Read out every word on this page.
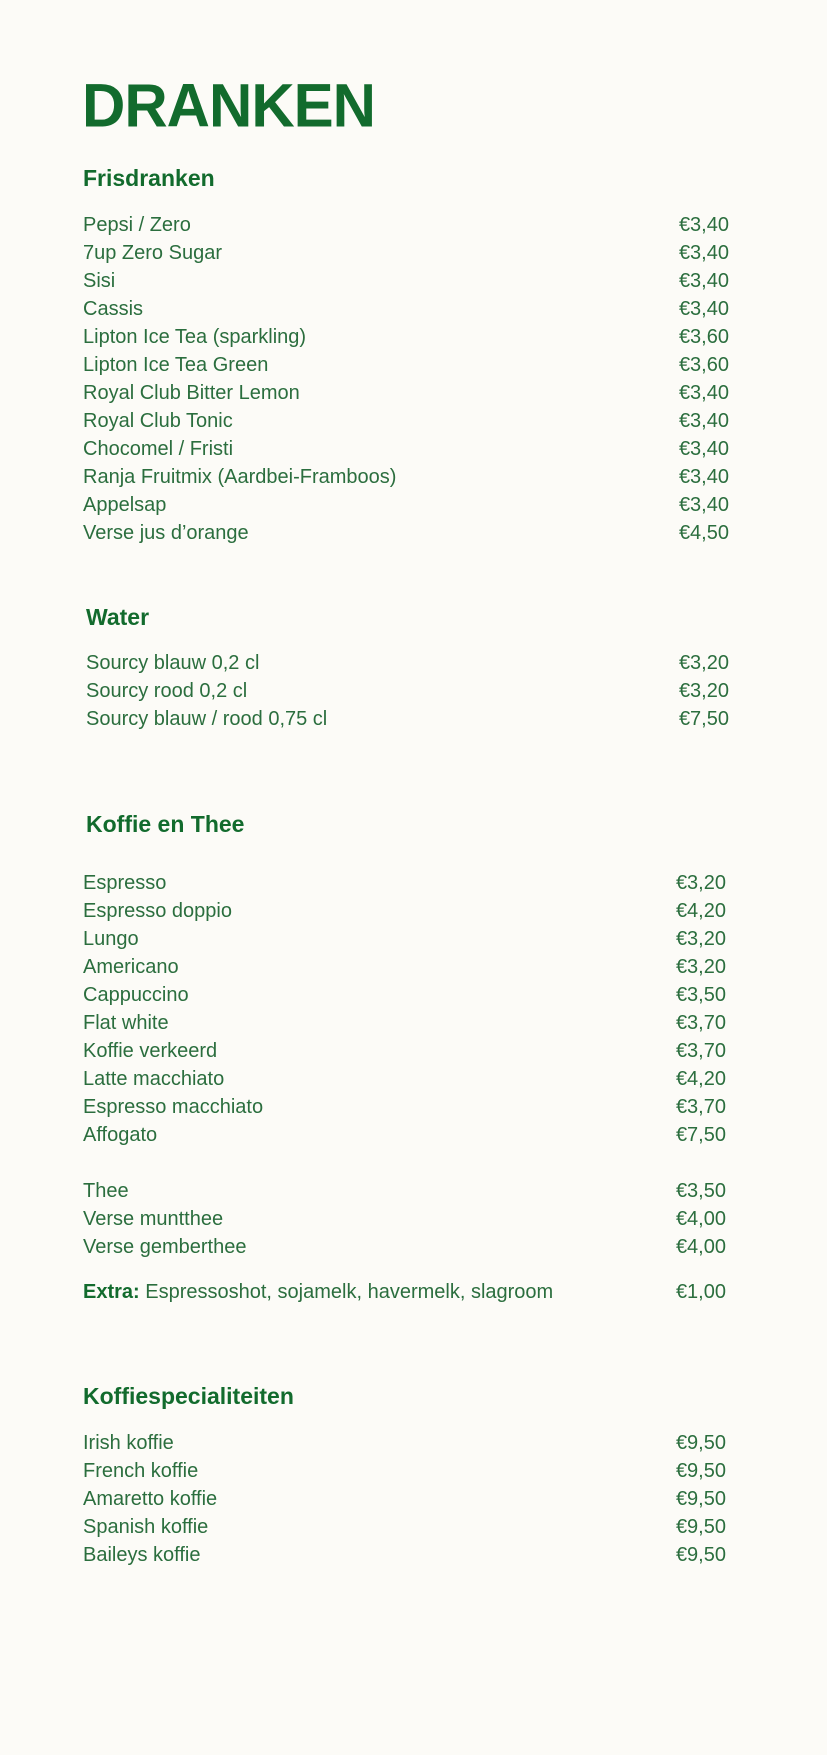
DRANKEN
Frisdranken
Pepsi / Zero	€3,40
7up Zero Sugar	€3,40
Sisi	€3,40
Cassis	€3,40
Lipton Ice Tea (sparkling)	€3,60
Lipton Ice Tea Green	€3,60
Royal Club Bitter Lemon	€3,40
Royal Club Tonic	€3,40
Chocomel / Fristi	€3,40
Ranja Fruitmix (Aardbei-Framboos)	€3,40
Appelsap	€3,40
Verse jus d’orange	€4,50
Water
Sourcy blauw 0,2 cl	€3,20
Sourcy rood 0,2 cl	€3,20
Sourcy blauw / rood 0,75 cl	€7,50
Koffie en Thee
Espresso	€3,20
Espresso doppio	€4,20
Lungo	€3,20
Americano	€3,20
Cappuccino	€3,50
Flat white	€3,70
Koffie verkeerd	€3,70
Latte macchiato	€4,20
Espresso macchiato	€3,70
Affogato	€7,50
Thee	€3,50
Verse muntthee	€4,00
Verse gemberthee	€4,00
Extra: Espressoshot, sojamelk, havermelk, slagroom	€1,00
Koffiespecialiteiten
Irish koffie	€9,50
French koffie	€9,50
Amaretto koffie	€9,50
Spanish koffie	€9,50
Baileys koffie	€9,50
